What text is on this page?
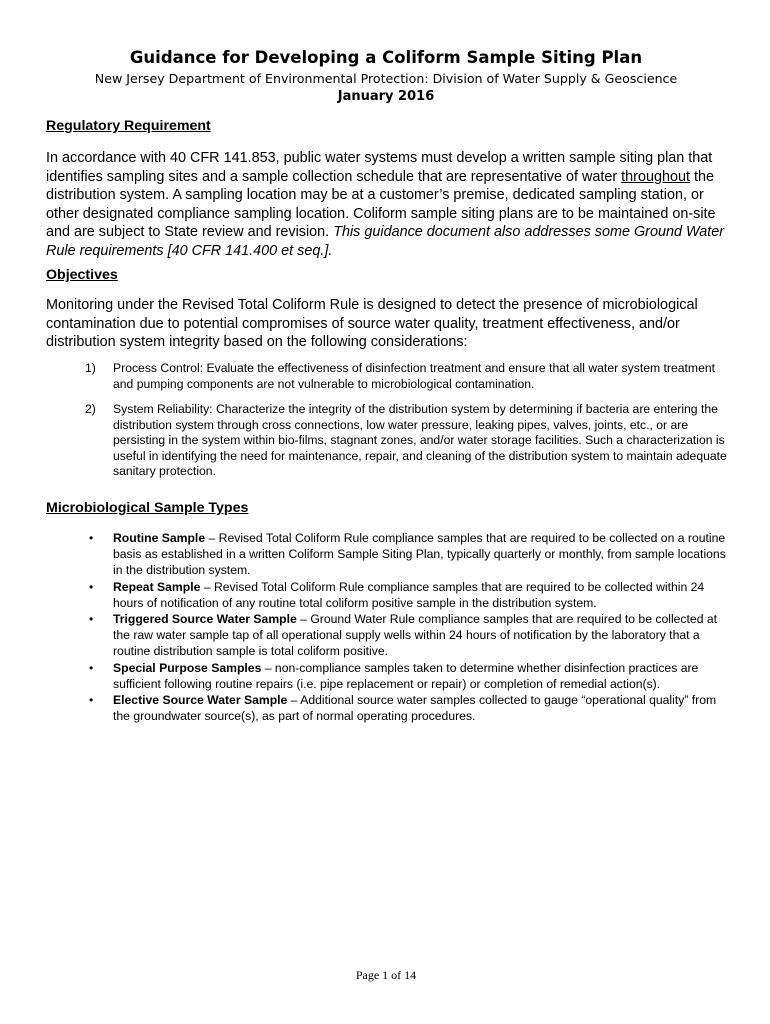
Guidance for Developing a Coliform Sample Siting Plan
New Jersey Department of Environmental Protection: Division of Water Supply & Geoscience
January 2016
Regulatory Requirement
In accordance with 40 CFR 141.853, public water systems must develop a written sample siting plan that identifies sampling sites and a sample collection schedule that are representative of water throughout the distribution system. A sampling location may be at a customer’s premise, dedicated sampling station, or other designated compliance sampling location. Coliform sample siting plans are to be maintained on-site and are subject to State review and revision. This guidance document also addresses some Ground Water Rule requirements [40 CFR 141.400 et seq.].
Objectives
Monitoring under the Revised Total Coliform Rule is designed to detect the presence of microbiological contamination due to potential compromises of source water quality, treatment effectiveness, and/or distribution system integrity based on the following considerations:
1) Process Control: Evaluate the effectiveness of disinfection treatment and ensure that all water system treatment and pumping components are not vulnerable to microbiological contamination.
2) System Reliability: Characterize the integrity of the distribution system by determining if bacteria are entering the distribution system through cross connections, low water pressure, leaking pipes, valves, joints, etc., or are persisting in the system within bio-films, stagnant zones, and/or water storage facilities. Such a characterization is useful in identifying the need for maintenance, repair, and cleaning of the distribution system to maintain adequate sanitary protection.
Microbiological Sample Types
• Routine Sample – Revised Total Coliform Rule compliance samples that are required to be collected on a routine basis as established in a written Coliform Sample Siting Plan, typically quarterly or monthly, from sample locations in the distribution system.
• Repeat Sample – Revised Total Coliform Rule compliance samples that are required to be collected within 24 hours of notification of any routine total coliform positive sample in the distribution system.
• Triggered Source Water Sample – Ground Water Rule compliance samples that are required to be collected at the raw water sample tap of all operational supply wells within 24 hours of notification by the laboratory that a routine distribution sample is total coliform positive.
• Special Purpose Samples – non-compliance samples taken to determine whether disinfection practices are sufficient following routine repairs (i.e. pipe replacement or repair) or completion of remedial action(s).
• Elective Source Water Sample – Additional source water samples collected to gauge “operational quality” from the groundwater source(s), as part of normal operating procedures.
Page 1 of 14
